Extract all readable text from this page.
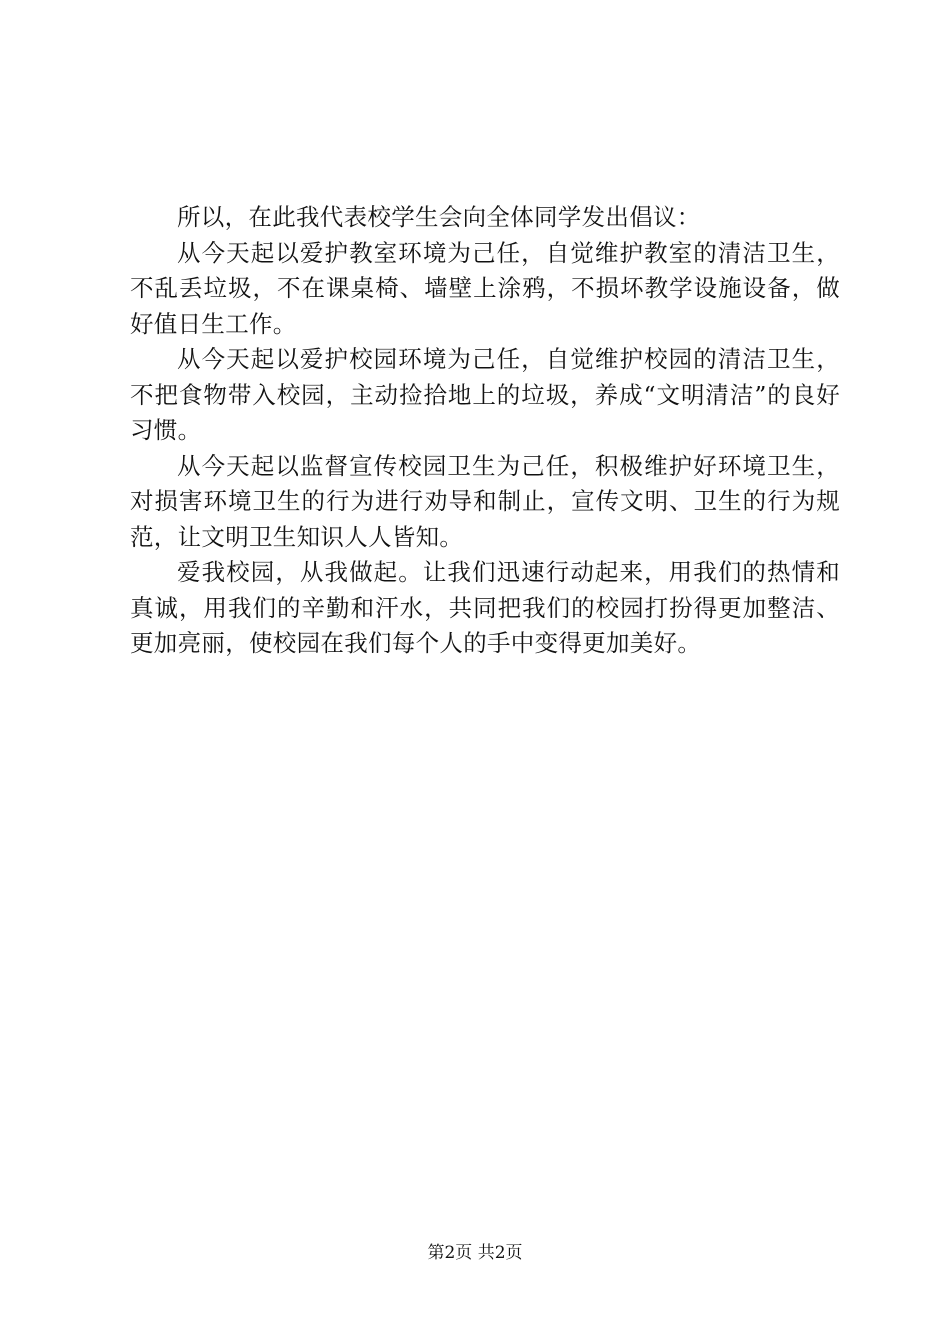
所以，在此我代表校学生会向全体同学发出倡议：

从今天起以爱护教室环境为己任，自觉维护教室的清洁卫生，不乱丢垃圾，不在课桌椅、墙壁上涂鸦，不损坏教学设施设备，做好值日生工作。

从今天起以爱护校园环境为己任，自觉维护校园的清洁卫生，不把食物带入校园，主动捡拾地上的垃圾，养成“文明清洁”的良好习惯。

从今天起以监督宣传校园卫生为己任，积极维护好环境卫生，对损害环境卫生的行为进行劝导和制止，宣传文明、卫生的行为规范，让文明卫生知识人人皆知。

爱我校园，从我做起。让我们迅速行动起来，用我们的热情和真诚，用我们的辛勤和汗水，共同把我们的校园打扮得更加整洁、更加亮丽，使校园在我们每个人的手中变得更加美好。

第2页 共2页
